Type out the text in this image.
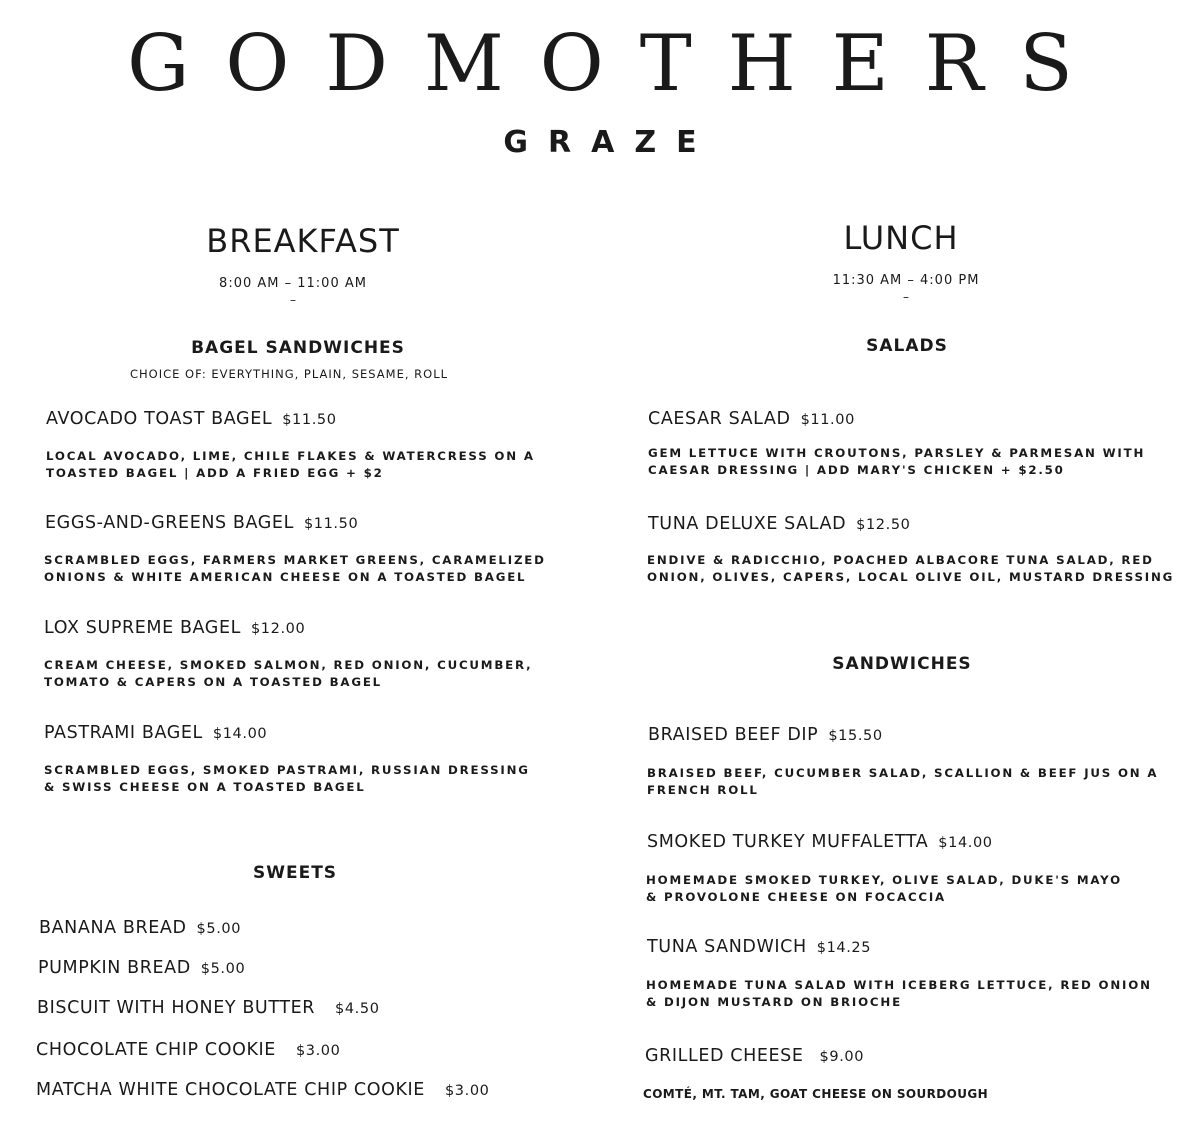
GODMOTHERS
GRAZE
BREAKFAST
8:00 AM – 11:00 AM
–
BAGEL SANDWICHES
CHOICE OF: EVERYTHING, PLAIN, SESAME, ROLL
AVOCADO TOAST BAGEL $11.50
LOCAL AVOCADO, LIME, CHILE FLAKES & WATERCRESS ON A
TOASTED BAGEL | ADD A FRIED EGG + $2
EGGS-AND-GREENS BAGEL $11.50
SCRAMBLED EGGS, FARMERS MARKET GREENS, CARAMELIZED
ONIONS & WHITE AMERICAN CHEESE ON A TOASTED BAGEL
LOX SUPREME BAGEL $12.00
CREAM CHEESE, SMOKED SALMON, RED ONION, CUCUMBER,
TOMATO & CAPERS ON A TOASTED BAGEL
PASTRAMI BAGEL $14.00
SCRAMBLED EGGS, SMOKED PASTRAMI, RUSSIAN DRESSING
& SWISS CHEESE ON A TOASTED BAGEL
SWEETS
BANANA BREAD $5.00
PUMPKIN BREAD $5.00
BISCUIT WITH HONEY BUTTER $4.50
CHOCOLATE CHIP COOKIE $3.00
MATCHA WHITE CHOCOLATE CHIP COOKIE $3.00
LUNCH
11:30 AM – 4:00 PM
–
SALADS
CAESAR SALAD $11.00
GEM LETTUCE WITH CROUTONS, PARSLEY & PARMESAN WITH
CAESAR DRESSING | ADD MARY'S CHICKEN + $2.50
TUNA DELUXE SALAD $12.50
ENDIVE & RADICCHIO, POACHED ALBACORE TUNA SALAD, RED
ONION, OLIVES, CAPERS, LOCAL OLIVE OIL, MUSTARD DRESSING
SANDWICHES
BRAISED BEEF DIP $15.50
BRAISED BEEF, CUCUMBER SALAD, SCALLION & BEEF JUS ON A
FRENCH ROLL
SMOKED TURKEY MUFFALETTA $14.00
HOMEMADE SMOKED TURKEY, OLIVE SALAD, DUKE'S MAYO
& PROVOLONE CHEESE ON FOCACCIA
TUNA SANDWICH $14.25
HOMEMADE TUNA SALAD WITH ICEBERG LETTUCE, RED ONION
& DIJON MUSTARD ON BRIOCHE
GRILLED CHEESE $9.00
COMTÉ, MT. TAM, GOAT CHEESE ON SOURDOUGH
